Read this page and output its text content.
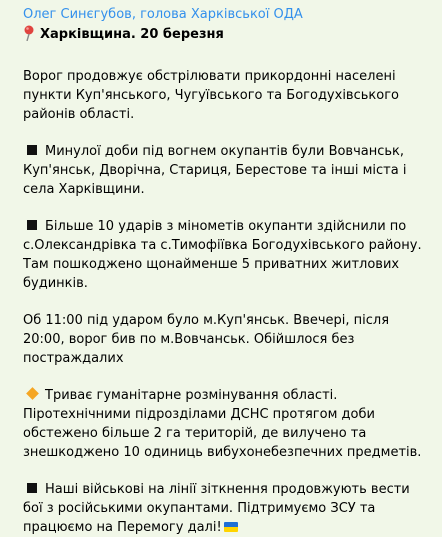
Олег Синєгубов, голова Харківської ОДА
Харківщина. 20 березня

Ворог продовжує обстрілювати прикордонні населені пункти Куп'янського, Чугуївського та Богодухівського районів області.

Минулої доби під вогнем окупантів були Вовчанськ, Куп'янськ, Дворічна, Стариця, Берестове та інші міста і села Харківщини.

Більше 10 ударів з мінометів окупанти здійснили по с.Олександрівка та с.Тимофіївка Богодухівського району. Там пошкоджено щонайменше 5 приватних житлових будинків.

Об 11:00 під ударом було м.Куп'янськ. Ввечері, після 20:00, ворог бив по м.Вовчанськ. Обійшлося без постраждалих

Триває гуманітарне розмінування області. Піротехнічними підрозділами ДСНС протягом доби обстежено більше 2 га територій, де вилучено та знешкоджено 10 одиниць вибухонебезпечних предметів.

Наші військові на лінії зіткнення продовжують вести бої з російськими окупантами. Підтримуємо ЗСУ та працюємо на Перемогу далі!
